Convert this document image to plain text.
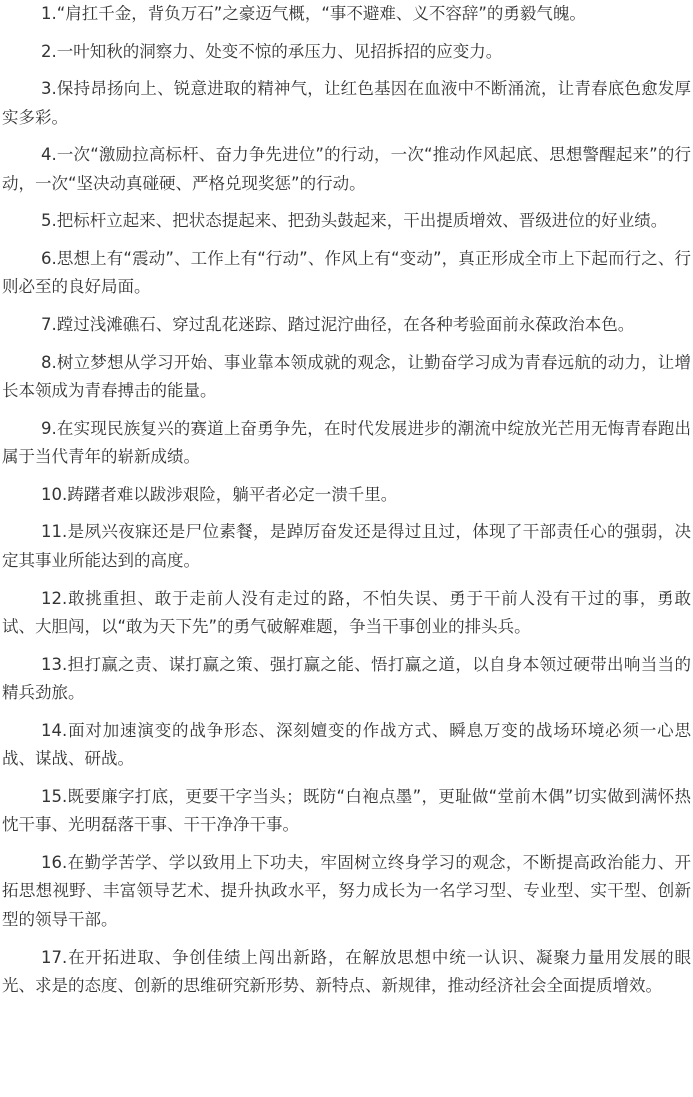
1.“肩扛千金，背负万石”之豪迈气概，“事不避难、义不容辞”的勇毅气魄。

2.一叶知秋的洞察力、处变不惊的承压力、见招拆招的应变力。

3.保持昂扬向上、锐意进取的精神气，让红色基因在血液中不断涌流，让青春底色愈发厚实多彩。

4.一次“激励拉高标杆、奋力争先进位”的行动，一次“推动作风起底、思想警醒起来”的行动，一次“坚决动真碰硬、严格兑现奖惩”的行动。

5.把标杆立起来、把状态提起来、把劲头鼓起来，干出提质增效、晋级进位的好业绩。

6.思想上有“震动”、工作上有“行动”、作风上有“变动”，真正形成全市上下起而行之、行则必至的良好局面。

7.蹚过浅滩礁石、穿过乱花迷踪、踏过泥泞曲径，在各种考验面前永葆政治本色。

8.树立梦想从学习开始、事业靠本领成就的观念，让勤奋学习成为青春远航的动力，让增长本领成为青春搏击的能量。

9.在实现民族复兴的赛道上奋勇争先，在时代发展进步的潮流中绽放光芒用无悔青春跑出属于当代青年的崭新成绩。

10.踌躇者难以跋涉艰险，躺平者必定一溃千里。

11.是夙兴夜寐还是尸位素餐，是踔厉奋发还是得过且过，体现了干部责任心的强弱，决定其事业所能达到的高度。

12.敢挑重担、敢于走前人没有走过的路，不怕失误、勇于干前人没有干过的事，勇敢试、大胆闯，以“敢为天下先”的勇气破解难题，争当干事创业的排头兵。

13.担打赢之责、谋打赢之策、强打赢之能、悟打赢之道，以自身本领过硬带出响当当的精兵劲旅。

14.面对加速演变的战争形态、深刻嬗变的作战方式、瞬息万变的战场环境必须一心思战、谋战、研战。

15.既要廉字打底，更要干字当头；既防“白袍点墨”，更耻做“堂前木偶”切实做到满怀热忱干事、光明磊落干事、干干净净干事。

16.在勤学苦学、学以致用上下功夫，牢固树立终身学习的观念，不断提高政治能力、开拓思想视野、丰富领导艺术、提升执政水平，努力成长为一名学习型、专业型、实干型、创新型的领导干部。

17.在开拓进取、争创佳绩上闯出新路，在解放思想中统一认识、凝聚力量用发展的眼光、求是的态度、创新的思维研究新形势、新特点、新规律，推动经济社会全面提质增效。
